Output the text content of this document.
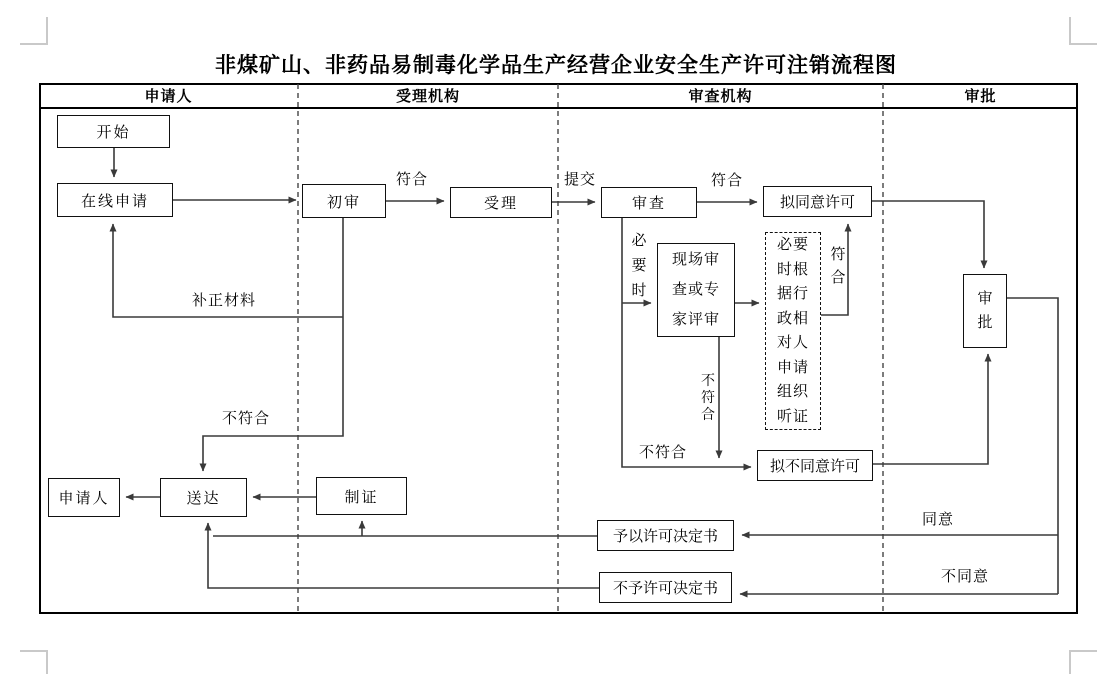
非煤矿山、非药品易制毒化学品生产经营企业安全生产许可注销流程图
申请人	受理机构	审查机构	审批
开始
在线申请	初审	受理	审查	拟同意许可
现场审查或专家评审
必要时根据行政相对人申请组织听证
审批
拟不同意许可
申请人	送达	制证
予以许可决定书
不予许可决定书
符合	提交	符合
必要时
符合
不符合
不符合
补正材料
不符合
同意
不同意
